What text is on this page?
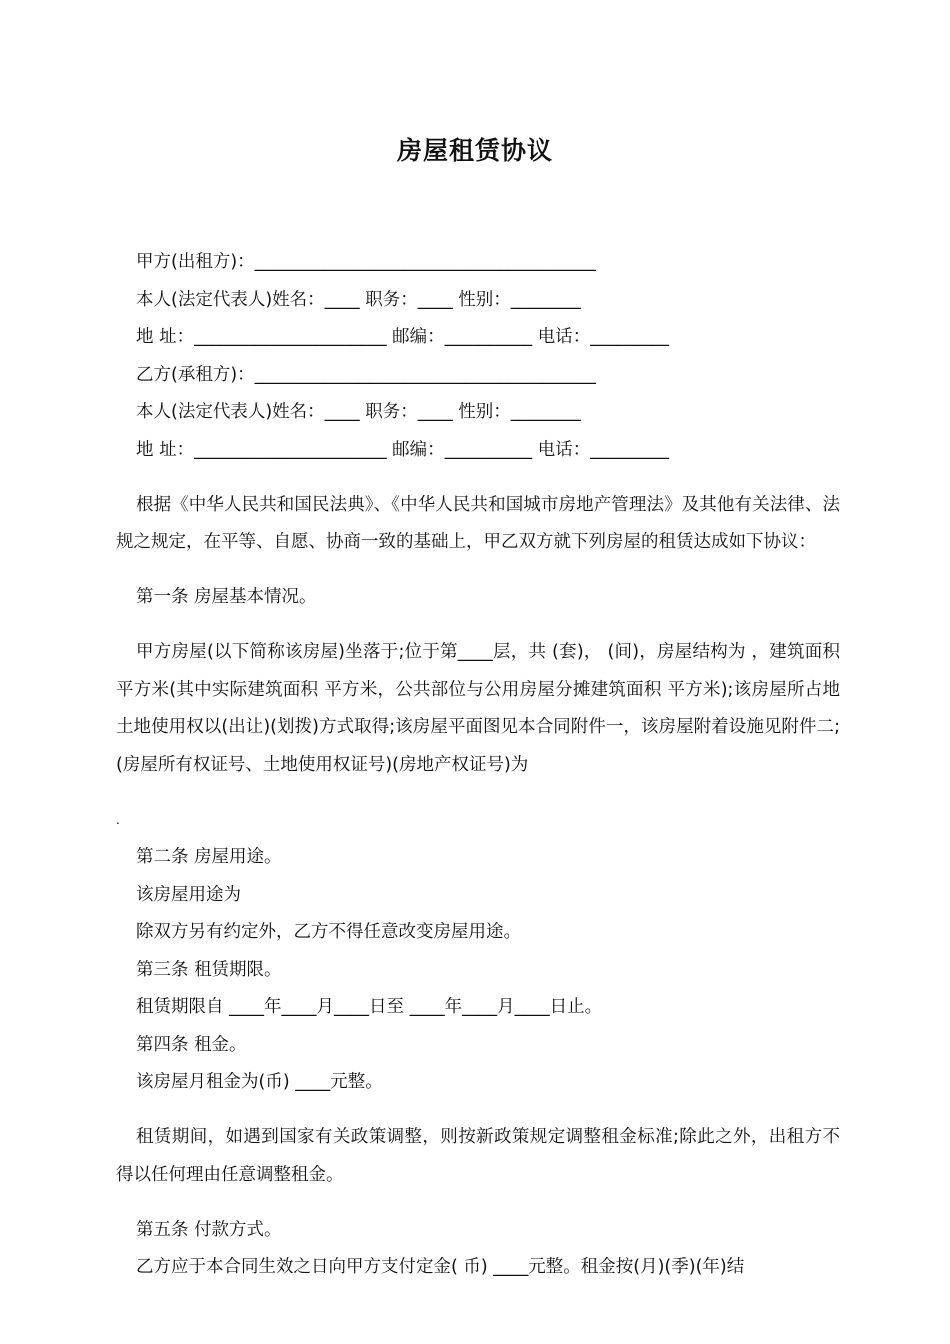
房屋租赁协议

甲方(出租方)：_______________________________________

本人(法定代表人)姓名：____ 职务：____ 性别：________

地 址：______________________ 邮编：__________ 电话：_________

乙方(承租方)：_______________________________________

本人(法定代表人)姓名：____ 职务：____ 性别：________

地 址：______________________ 邮编：__________ 电话：_________

根据《中华人民共和国民法典》、《中华人民共和国城市房地产管理法》及其他有关法律、法规之规定，在平等、自愿、协商一致的基础上，甲乙双方就下列房屋的租赁达成如下协议：

第一条 房屋基本情况。

甲方房屋(以下简称该房屋)坐落于;位于第____层，共 (套)， (间)，房屋结构为 ，建筑面积 平方米(其中实际建筑面积 平方米，公共部位与公用房屋分摊建筑面积 平方米);该房屋所占地土地使用权以(出让)(划拨)方式取得;该房屋平面图见本合同附件一，该房屋附着设施见附件二;(房屋所有权证号、土地使用权证号)(房地产权证号)为

.

第二条 房屋用途。

该房屋用途为

除双方另有约定外，乙方不得任意改变房屋用途。

第三条 租赁期限。

租赁期限自 ____年____月____日至 ____年____月____日止。

第四条 租金。

该房屋月租金为(币) ____元整。

租赁期间，如遇到国家有关政策调整，则按新政策规定调整租金标准;除此之外，出租方不得以任何理由任意调整租金。

第五条 付款方式。

乙方应于本合同生效之日向甲方支付定金( 币) ____元整。租金按(月)(季)(年)结
